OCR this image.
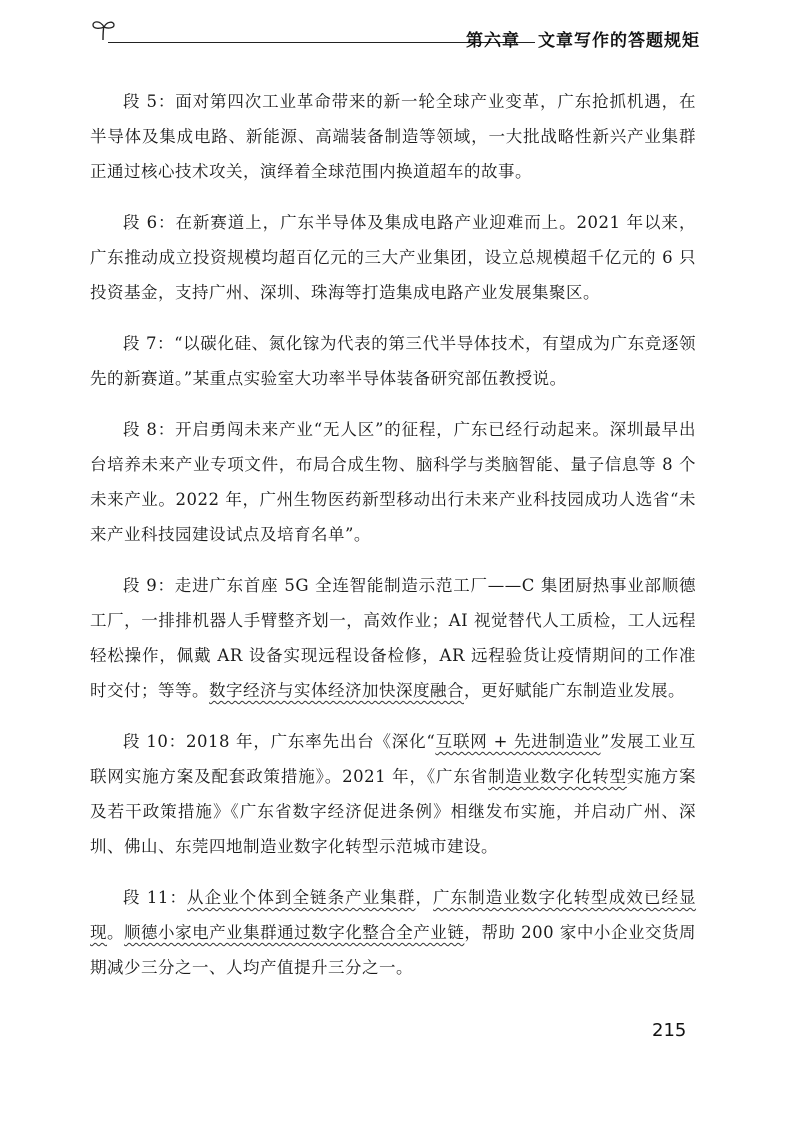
第六章　文章写作的答题规矩

段 5：面对第四次工业革命带来的新一轮全球产业变革，广东抢抓机遇，在半导体及集成电路、新能源、高端装备制造等领域，一大批战略性新兴产业集群正通过核心技术攻关，演绎着全球范围内换道超车的故事。

段 6：在新赛道上，广东半导体及集成电路产业迎难而上。2021 年以来，广东推动成立投资规模均超百亿元的三大产业集团，设立总规模超千亿元的 6 只投资基金，支持广州、深圳、珠海等打造集成电路产业发展集聚区。

段 7：“以碳化硅、氮化镓为代表的第三代半导体技术，有望成为广东竞逐领先的新赛道。”某重点实验室大功率半导体装备研究部伍教授说。

段 8：开启勇闯未来产业“无人区”的征程，广东已经行动起来。深圳最早出台培养未来产业专项文件，布局合成生物、脑科学与类脑智能、量子信息等 8 个未来产业。2022 年，广州生物医药新型移动出行未来产业科技园成功人选省“未来产业科技园建设试点及培育名单”。

段 9：走进广东首座 5G 全连智能制造示范工厂——C 集团厨热事业部顺德工厂，一排排机器人手臂整齐划一，高效作业；AI 视觉替代人工质检，工人远程轻松操作，佩戴 AR 设备实现远程设备检修，AR 远程验货让疫情期间的工作准时交付；等等。数字经济与实体经济加快深度融合，更好赋能广东制造业发展。

段 10：2018 年，广东率先出台《深化“互联网 + 先进制造业”发展工业互联网实施方案及配套政策措施》。2021 年，《广东省制造业数字化转型实施方案及若干政策措施》《广东省数字经济促进条例》相继发布实施，并启动广州、深圳、佛山、东莞四地制造业数字化转型示范城市建设。

段 11：从企业个体到全链条产业集群，广东制造业数字化转型成效已经显现。顺德小家电产业集群通过数字化整合全产业链，帮助 200 家中小企业交货周期减少三分之一、人均产值提升三分之一。

215
